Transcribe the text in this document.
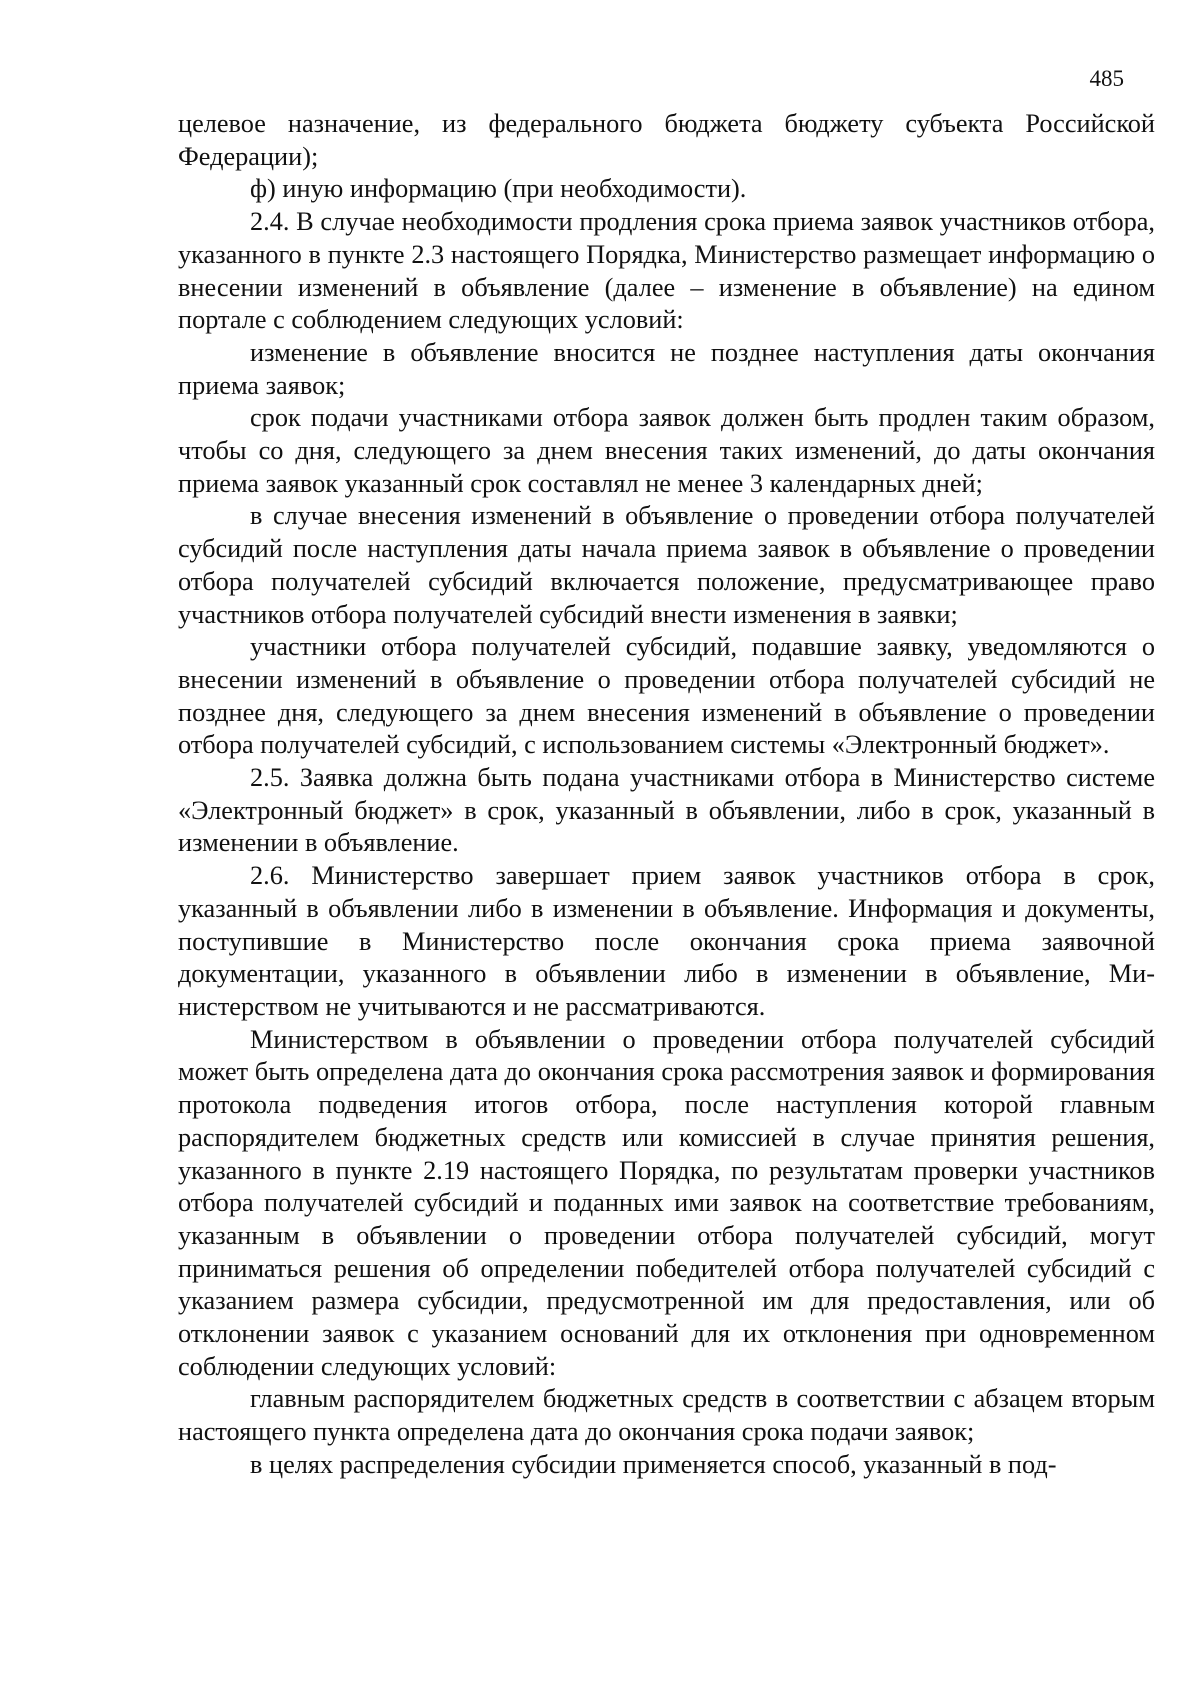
485

целевое назначение, из федерального бюджета бюджету субъекта Российской Федерации);

ф) иную информацию (при необходимости).

2.4. В случае необходимости продления срока приема заявок участников отбора, указанного в пункте 2.3 настоящего Порядка, Министерство размещает информацию о внесении изменений в объявление (далее – изменение в объявление) на едином портале с соблюдением следующих условий:

изменение в объявление вносится не позднее наступления даты окончания приема заявок;

срок подачи участниками отбора заявок должен быть продлен таким образом, чтобы со дня, следующего за днем внесения таких изменений, до даты окончания приема заявок указанный срок составлял не менее 3 календарных дней;

в случае внесения изменений в объявление о проведении отбора получателей субсидий после наступления даты начала приема заявок в объявление о проведении отбора получателей субсидий включается положение, предусматривающее право участников отбора получателей субсидий внести изменения в заявки;

участники отбора получателей субсидий, подавшие заявку, уведомляются о внесении изменений в объявление о проведении отбора получателей субсидий не позднее дня, следующего за днем внесения изменений в объявление о проведении отбора получателей субсидий, с использованием системы «Электронный бюджет».

2.5. Заявка должна быть подана участниками отбора в Министерство системе «Электронный бюджет» в срок, указанный в объявлении, либо в срок, указанный в изменении в объявление.

2.6. Министерство завершает прием заявок участников отбора в срок, указанный в объявлении либо в изменении в объявление. Информация и документы, поступившие в Министерство после окончания срока приема заявочной документации, указанного в объявлении либо в изменении в объявление, Министерством не учитываются и не рассматриваются.

Министерством в объявлении о проведении отбора получателей субсидий может быть определена дата до окончания срока рассмотрения заявок и формирования протокола подведения итогов отбора, после наступления которой главным распорядителем бюджетных средств или комиссией в случае принятия решения, указанного в пункте 2.19 настоящего Порядка, по результатам проверки участников отбора получателей субсидий и поданных ими заявок на соответствие требованиям, указанным в объявлении о проведении отбора получателей субсидий, могут приниматься решения об определении победителей отбора получателей субсидий с указанием размера субсидии, предусмотренной им для предоставления, или об отклонении заявок с указанием оснований для их отклонения при одновременном соблюдении следующих условий:

главным распорядителем бюджетных средств в соответствии с абзацем вторым настоящего пункта определена дата до окончания срока подачи заявок;

в целях распределения субсидии применяется способ, указанный в под-
